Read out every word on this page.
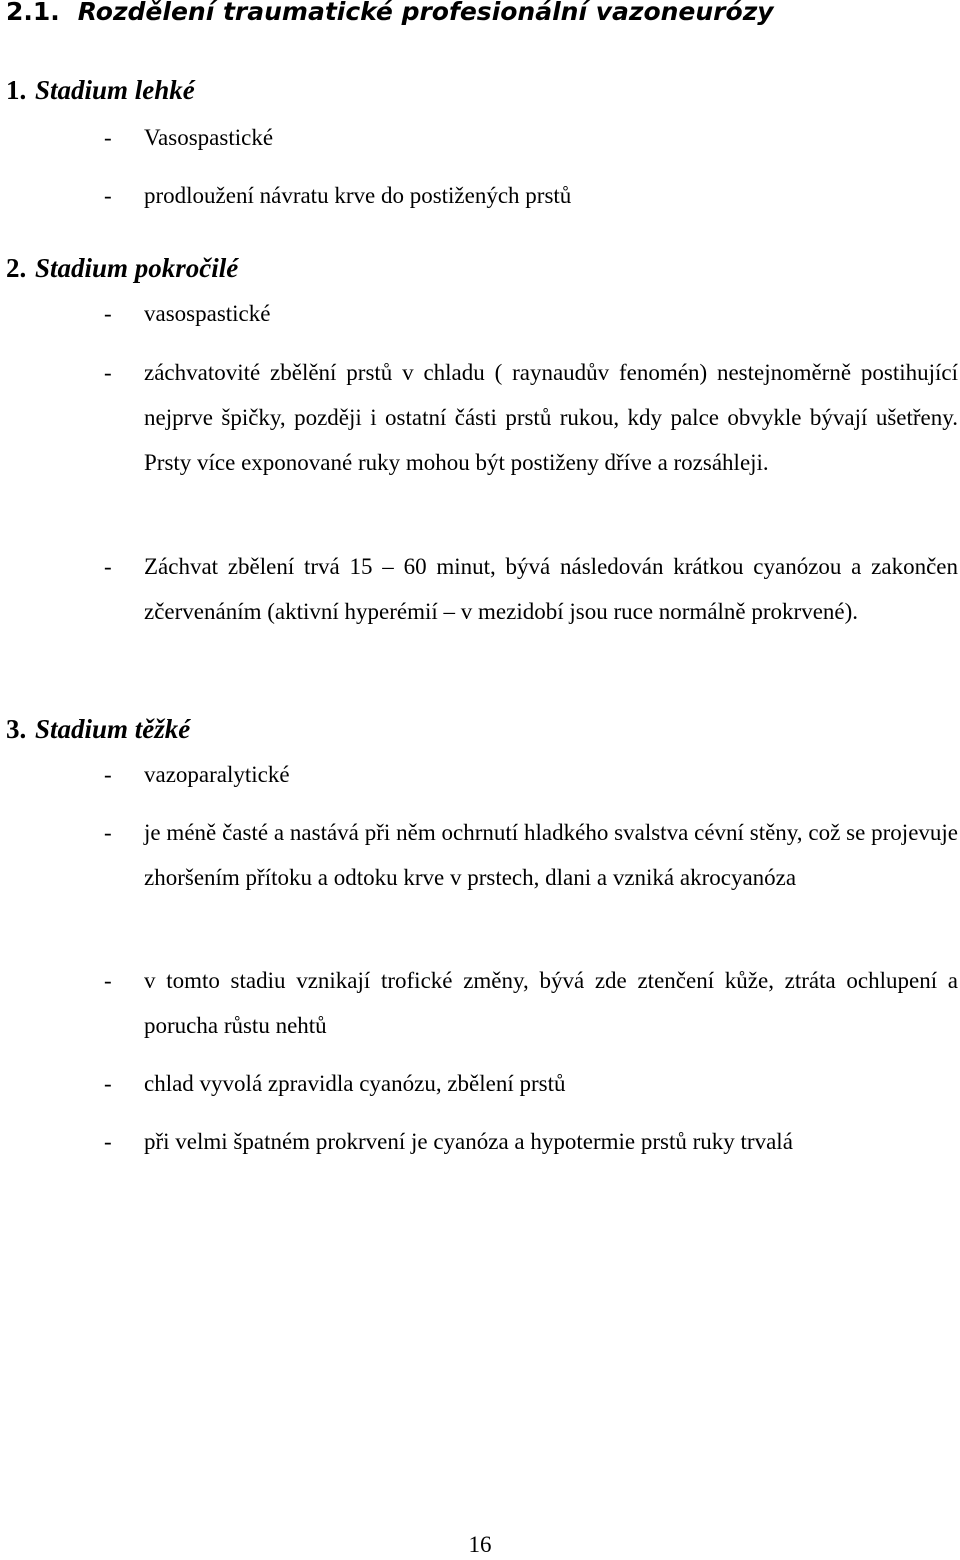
2.1. Rozdělení traumatické profesionální vazoneurózy
1. Stadium lehké
- Vasospastické

- prodloužení návratu krve do postižených prstů

2. Stadium pokročilé
- vasospastické

- záchvatovité zbělění prstů v chladu ( raynaudův fenomén) nestejnoměrně postihující nejprve špičky, později i ostatní části prstů rukou, kdy palce obvykle bývají ušetřeny. Prsty více exponované ruky mohou být postiženy dříve a rozsáhleji.

- Záchvat zbělení trvá 15 – 60 minut, bývá následován krátkou cyanózou a zakončen zčervenáním (aktivní hyperémií – v mezidobí jsou ruce normálně prokrvené).

3. Stadium těžké
- vazoparalytické

- je méně časté a nastává při něm ochrnutí hladkého svalstva cévní stěny, což se projevuje zhoršením přítoku a odtoku krve v prstech, dlani a vzniká akrocyanóza

- v tomto stadiu vznikají trofické změny, bývá zde ztenčení kůže, ztráta ochlupení a porucha růstu nehtů

- chlad vyvolá zpravidla cyanózu, zbělení prstů

- při velmi špatném prokrvení je cyanóza a hypotermie prstů ruky trvalá

16
